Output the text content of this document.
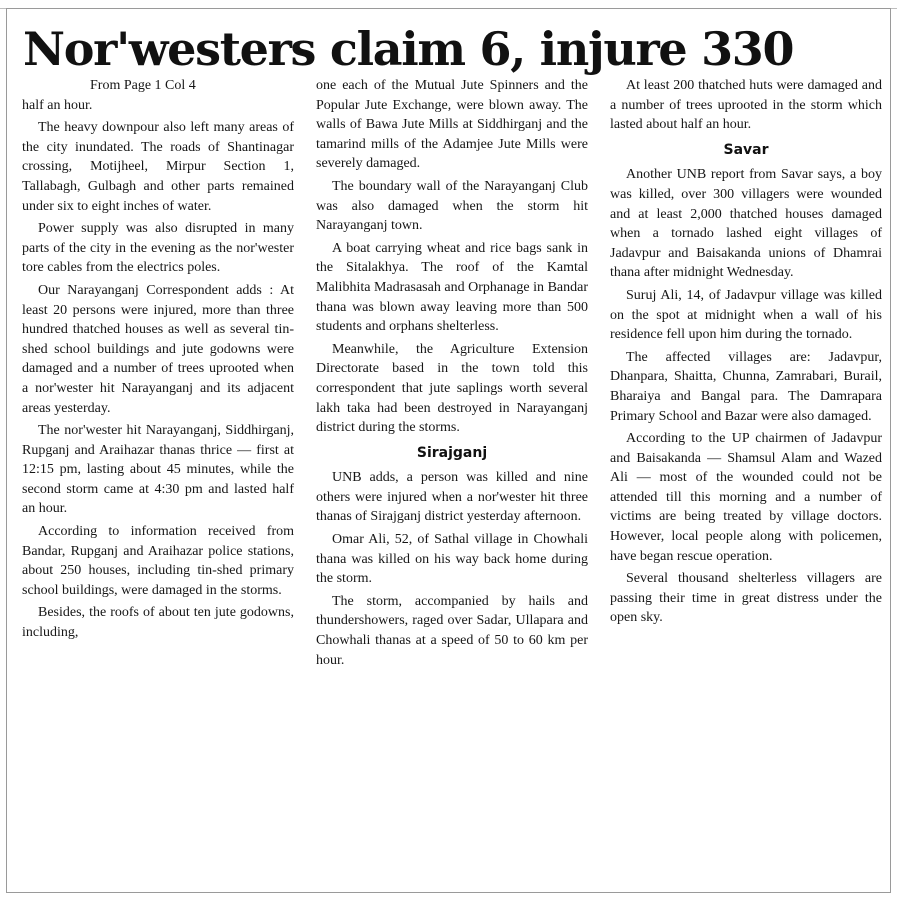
Nor'westers claim 6, injure 330

From Page 1 Col 4

half an hour.

The heavy downpour also left many areas of the city inundated. The roads of Shantinagar crossing, Motijheel, Mirpur Section 1, Tallabagh, Gulbagh and other parts remained under six to eight inches of water.

Power supply was also disrupted in many parts of the city in the evening as the nor'wester tore cables from the electrics poles.

Our Narayanganj Correspondent adds : At least 20 persons were injured, more than three hundred thatched houses as well as several tin-shed school buildings and jute godowns were damaged and a number of trees uprooted when a nor'wester hit Narayanganj and its adjacent areas yesterday.

The nor'wester hit Narayanganj, Siddhirganj, Rupganj and Araihazar thanas thrice — first at 12:15 pm, lasting about 45 minutes, while the second storm came at 4:30 pm and lasted half an hour.

According to information received from Bandar, Rupganj and Araihazar police stations, about 250 houses, including tin-shed primary school buildings, were damaged in the storms.

Besides, the roofs of about ten jute godowns, including,

one each of the Mutual Jute Spinners and the Popular Jute Exchange, were blown away. The walls of Bawa Jute Mills at Siddhirganj and the tamarind mills of the Adamjee Jute Mills were severely damaged.

The boundary wall of the Narayanganj Club was also damaged when the storm hit Narayanganj town.

A boat carrying wheat and rice bags sank in the Sitalakhya. The roof of the Kamtal Malibhita Madrasasah and Orphanage in Bandar thana was blown away leaving more than 500 students and orphans shelterless.

Meanwhile, the Agriculture Extension Directorate based in the town told this correspondent that jute saplings worth several lakh taka had been destroyed in Narayanganj district during the storms.

Sirajganj

UNB adds, a person was killed and nine others were injured when a nor'wester hit three thanas of Sirajganj district yesterday afternoon.

Omar Ali, 52, of Sathal village in Chowhali thana was killed on his way back home during the storm.

The storm, accompanied by hails and thundershowers, raged over Sadar, Ullapara and Chowhali thanas at a speed of 50 to 60 km per hour.

At least 200 thatched huts were damaged and a number of trees uprooted in the storm which lasted about half an hour.

Savar

Another UNB report from Savar says, a boy was killed, over 300 villagers were wounded and at least 2,000 thatched houses damaged when a tornado lashed eight villages of Jadavpur and Baisakanda unions of Dhamrai thana after midnight Wednesday.

Suruj Ali, 14, of Jadavpur village was killed on the spot at midnight when a wall of his residence fell upon him during the tornado.

The affected villages are: Jadavpur, Dhanpara, Shaitta, Chunna, Zamrabari, Burail, Bharaiya and Bangal para. The Damrapara Primary School and Bazar were also damaged.

According to the UP chairmen of Jadavpur and Baisakanda — Shamsul Alam and Wazed Ali — most of the wounded could not be attended till this morning and a number of victims are being treated by village doctors. However, local people along with policemen, have began rescue operation.

Several thousand shelterless villagers are passing their time in great distress under the open sky.
